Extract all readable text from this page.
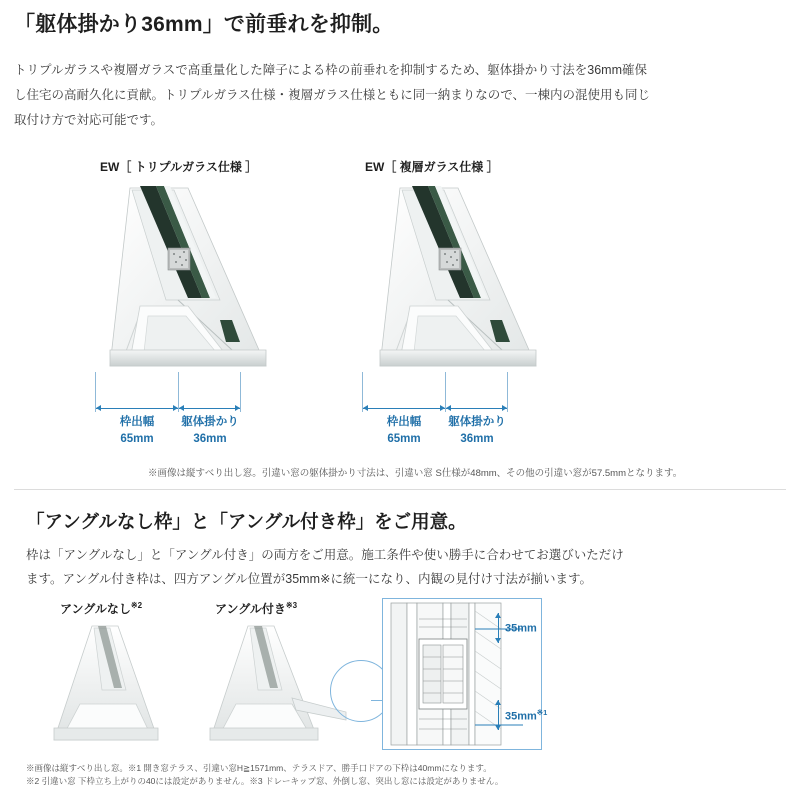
「躯体掛かり36mm」で前垂れを抑制。
トリプルガラスや複層ガラスで高重量化した障子による枠の前垂れを抑制するため、躯体掛かり寸法を36mm確保し住宅の高耐久化に貢献。トリプルガラス仕様・複層ガラス仕様ともに同一納まりなので、一棟内の混使用も同じ取付け方で対応可能です。
EW［ トリプルガラス仕様 ］	EW［ 複層ガラス仕様 ］
枠出幅
65mm
躯体掛かり
36mm
枠出幅
65mm
躯体掛かり
36mm
※画像は縦すべり出し窓。引違い窓の躯体掛かり寸法は、引違い窓 S仕様が48mm、その他の引違い窓が57.5mmとなります。
「アングルなし枠」と「アングル付き枠」をご用意。
枠は「アングルなし」と「アングル付き」の両方をご用意。施工条件や使い勝手に合わせてお選びいただけます。アングル付き枠は、四方アングル位置が35mm※に統一になり、内観の見付け寸法が揃います。
アングルなし$^{※2}$	アングル付き$^{※3}$
35mm
$35mm^{※1}$
※画像は縦すべり出し窓。※1 開き窓テラス、引違い窓H≧1571mm、テラスドア、勝手口ドアの下枠は40mmになります。
※2 引違い窓 下枠立ち上がりの40には設定がありません。※3 ドレーキップ窓、外倒し窓、突出し窓には設定がありません。
